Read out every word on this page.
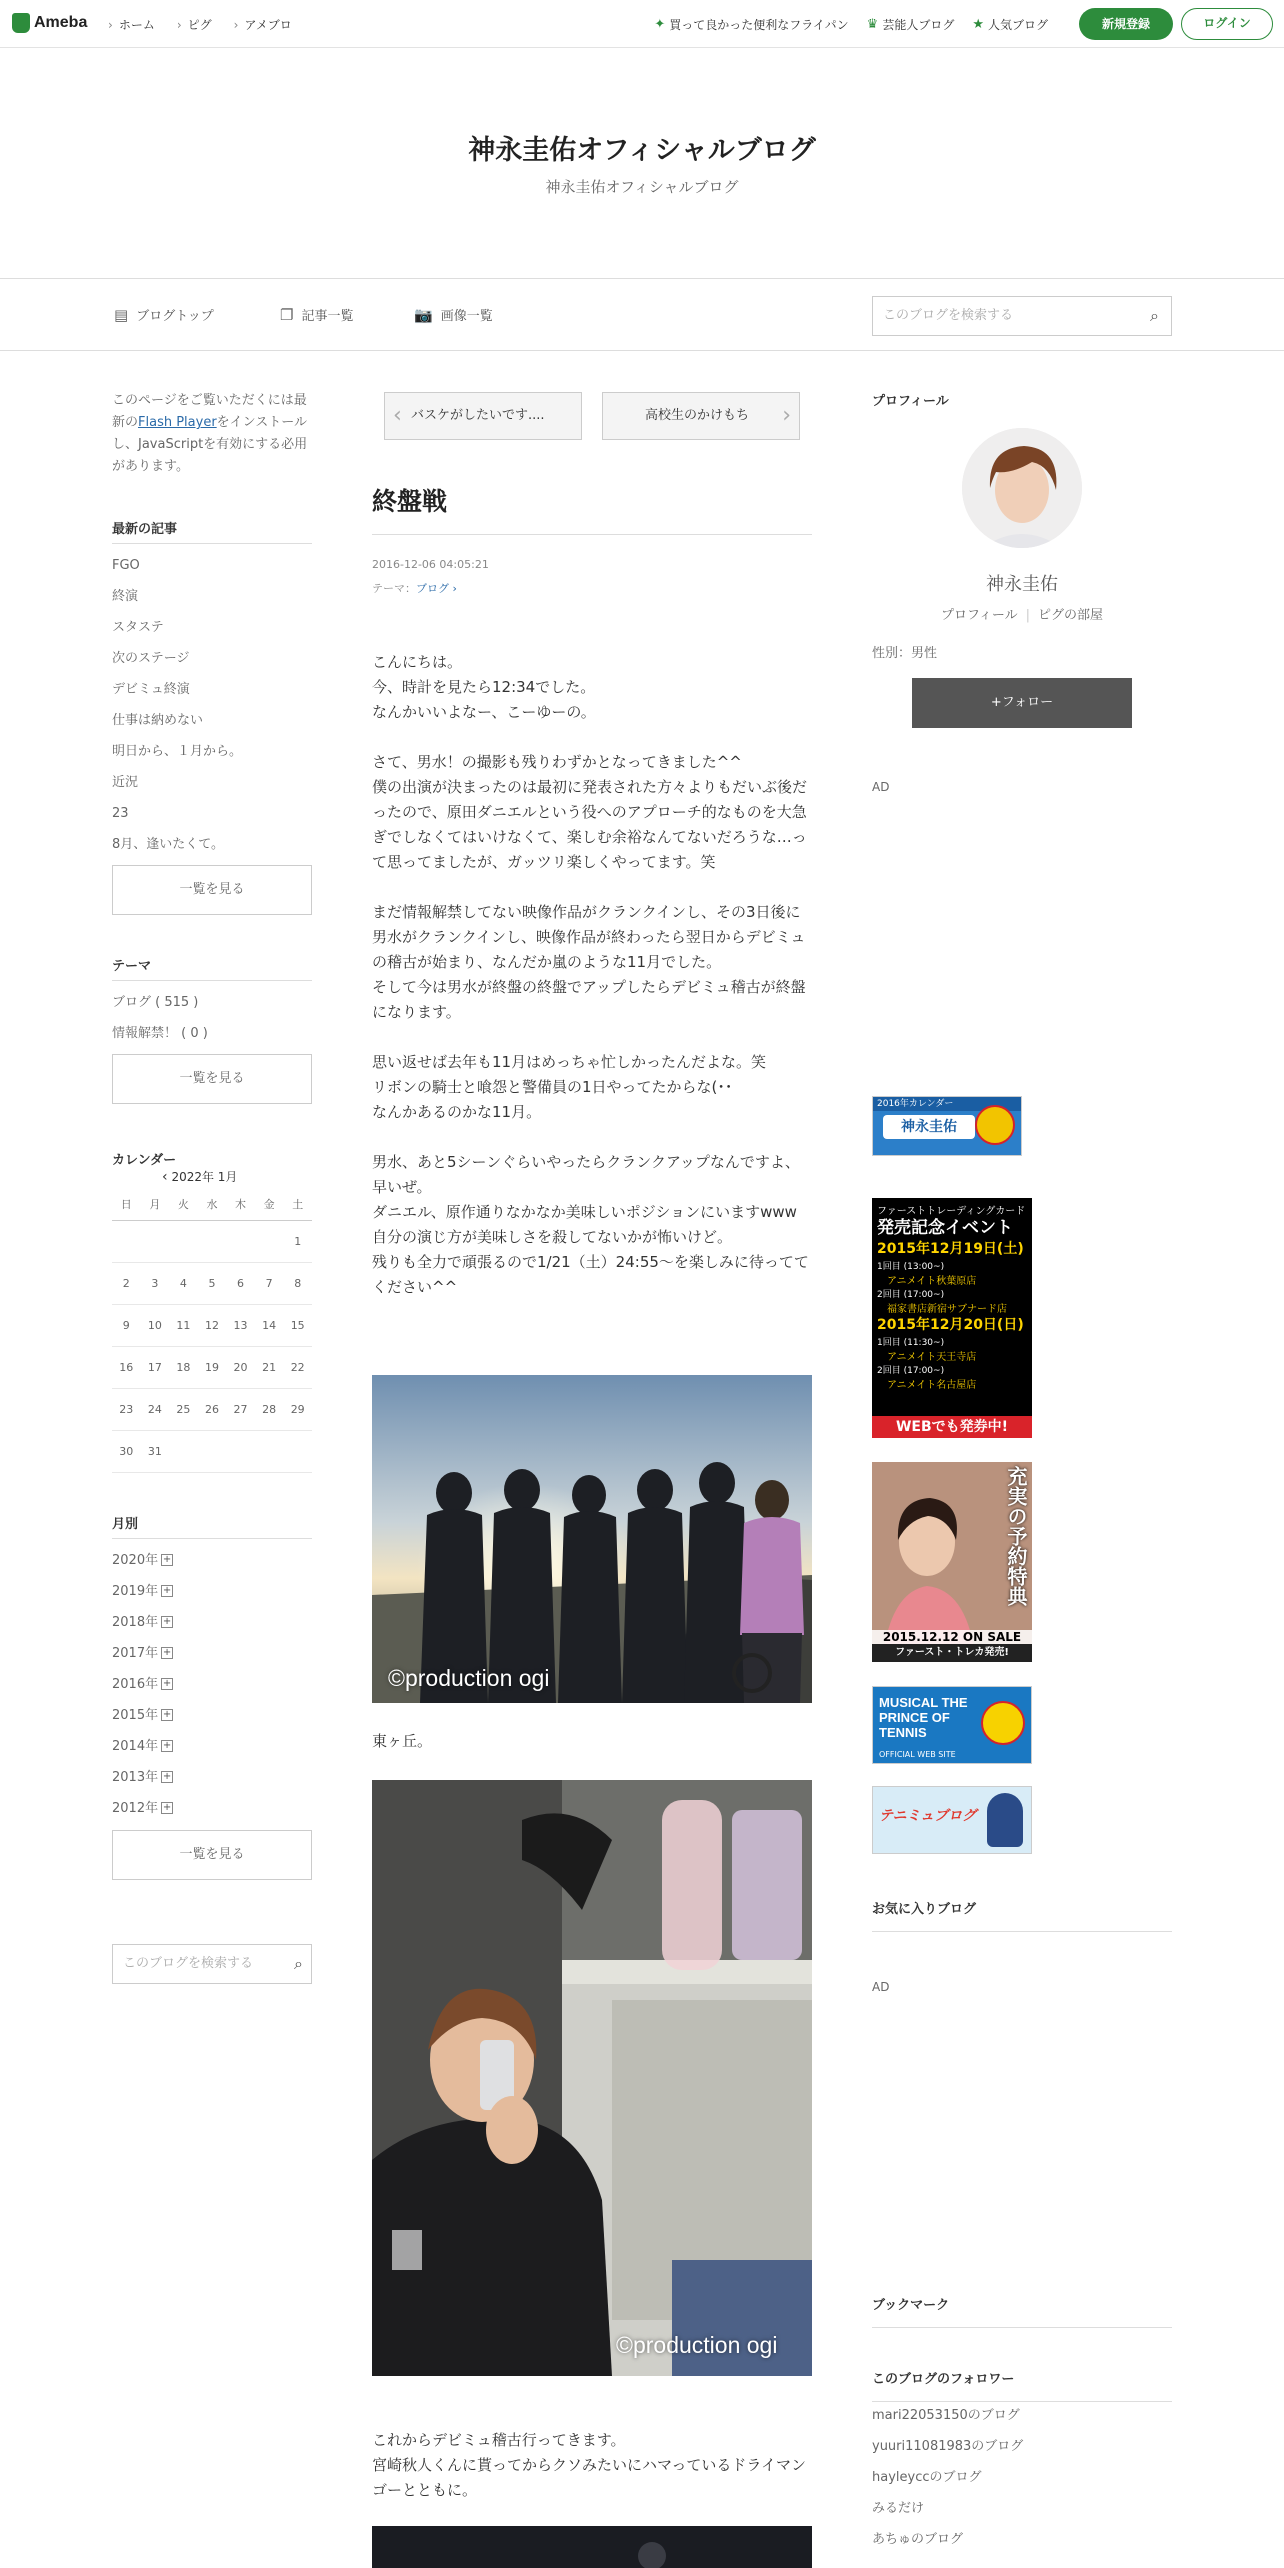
Ameba	› ホーム	› ピグ	› アメブロ	✦ 買って良かった便利なフライパン ♛ 芸能人ブログ ★ 人気ブログ	新規登録	ログイン
神永圭佑オフィシャルブログ
神永圭佑オフィシャルブログ
▤ ブログトップ	❐ 記事一覧	📷 画像一覧	このブログを検索する	⌕
このページをご覧いただくには最新のFlash Playerをインストールし、JavaScriptを有効にする必用があります。
最新の記事
FGO
終演
スタステ
次のステージ
デビミュ終演
仕事は納めない
明日から、１月から。
近況
23
8月、逢いたくて。
一覧を見る
テーマ
ブログ ( 515 )
情報解禁！ ( 0 )
一覧を見る
カレンダー
‹ 2022年 1月
日	月	火	水	木	金	土
						1
2	3	4	5	6	7	8
9	10	11	12	13	14	15
16	17	18	19	20	21	22
23	24	25	26	27	28	29
30	31					
月別
2020年 +
2019年 +
2018年 +
2017年 +
2016年 +
2015年 +
2014年 +
2013年 +
2012年 +
一覧を見る
このブログを検索する	⌕
‹ バスケがしたいです....	高校生のかけもち ›
終盤戦
2016-12-06 04:05:21
テーマ：ブログ ›

こんにちは。
今、時計を見たら12:34でした。
なんかいいよなー、こーゆーの。

さて、男水！の撮影も残りわずかとなってきました^^
僕の出演が決まったのは最初に発表された方々よりもだいぶ後だったので、原田ダニエルという役へのアプローチ的なものを大急ぎでしなくてはいけなくて、楽しむ余裕なんてないだろうな…って思ってましたが、ガッツリ楽しくやってます。笑

まだ情報解禁してない映像作品がクランクインし、その3日後に男水がクランクインし、映像作品が終わったら翌日からデビミュの稽古が始まり、なんだか嵐のような11月でした。
そして今は男水が終盤の終盤でアップしたらデビミュ稽古が終盤になります。

思い返せば去年も11月はめっちゃ忙しかったんだよな。笑
リボンの騎士と喰怨と警備員の1日やってたからな(･･
なんかあるのかな11月。

男水、あと5シーンぐらいやったらクランクアップなんですよ、早いぜ。
ダニエル、原作通りなかなか美味しいポジションにいますwww
自分の演じ方が美味しさを殺してないかが怖いけど。
残りも全力で頑張るので1/21（土）24:55～を楽しみに待っててください^^

©production ogi
東ヶ丘。
©production ogi
これからデビミュ稽古行ってきます。
宮崎秋人くんに貰ってからクソみたいにハマっているドライマンゴーとともに。
プロフィール
神永圭佑
プロフィール | ピグの部屋
性別：男性
+フォロー
AD
2016年カレンダー
神永圭佑
ファーストトレーディングカード
発売記念イベント
2015年12月19日(土)
1回目 (13:00~)
アニメイト秋葉原店
2回目 (17:00~)
福家書店新宿サブナード店
2015年12月20日(日)
1回目 (11:30~)
アニメイト天王寺店
2回目 (17:00~)
アニメイト名古屋店
WEBでも発券中!
充実の予約特典
2015.12.12 ON SALE
ファースト・トレカ発売!
MUSICAL THE PRINCE OF TENNIS
OFFICIAL WEB SITE
テニミュブログ
お気に入りブログ
AD
ブックマーク
このブログのフォロワー
mari22053150のブログ
yuuri11081983のブログ
hayleyccのブログ
みるだけ
あちゅのブログ
